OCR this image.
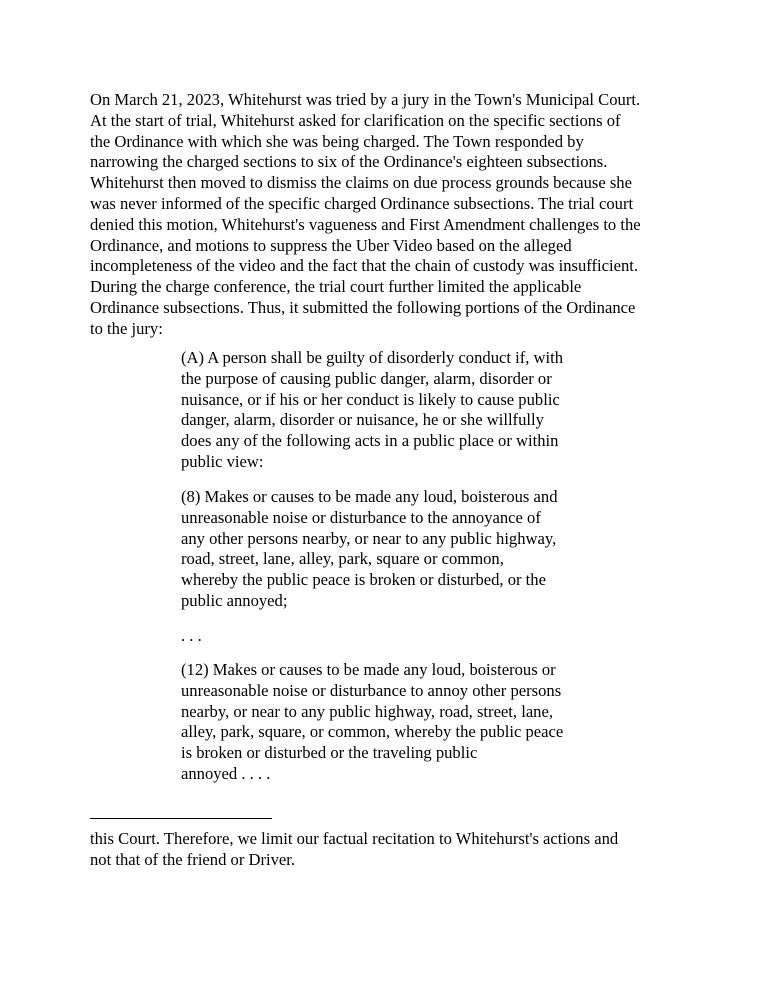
On March 21, 2023, Whitehurst was tried by a jury in the Town's Municipal Court.
At the start of trial, Whitehurst asked for clarification on the specific sections of
the Ordinance with which she was being charged. The Town responded by
narrowing the charged sections to six of the Ordinance's eighteen subsections.
Whitehurst then moved to dismiss the claims on due process grounds because she
was never informed of the specific charged Ordinance subsections. The trial court
denied this motion, Whitehurst's vagueness and First Amendment challenges to the
Ordinance, and motions to suppress the Uber Video based on the alleged
incompleteness of the video and the fact that the chain of custody was insufficient.
During the charge conference, the trial court further limited the applicable
Ordinance subsections. Thus, it submitted the following portions of the Ordinance
to the jury:

(A) A person shall be guilty of disorderly conduct if, with
the purpose of causing public danger, alarm, disorder or
nuisance, or if his or her conduct is likely to cause public
danger, alarm, disorder or nuisance, he or she willfully
does any of the following acts in a public place or within
public view:

(8) Makes or causes to be made any loud, boisterous and
unreasonable noise or disturbance to the annoyance of
any other persons nearby, or near to any public highway,
road, street, lane, alley, park, square or common,
whereby the public peace is broken or disturbed, or the
public annoyed;

. . .

(12) Makes or causes to be made any loud, boisterous or
unreasonable noise or disturbance to annoy other persons
nearby, or near to any public highway, road, street, lane,
alley, park, square, or common, whereby the public peace
is broken or disturbed or the traveling public
annoyed . . . .

this Court. Therefore, we limit our factual recitation to Whitehurst's actions and
not that of the friend or Driver.
